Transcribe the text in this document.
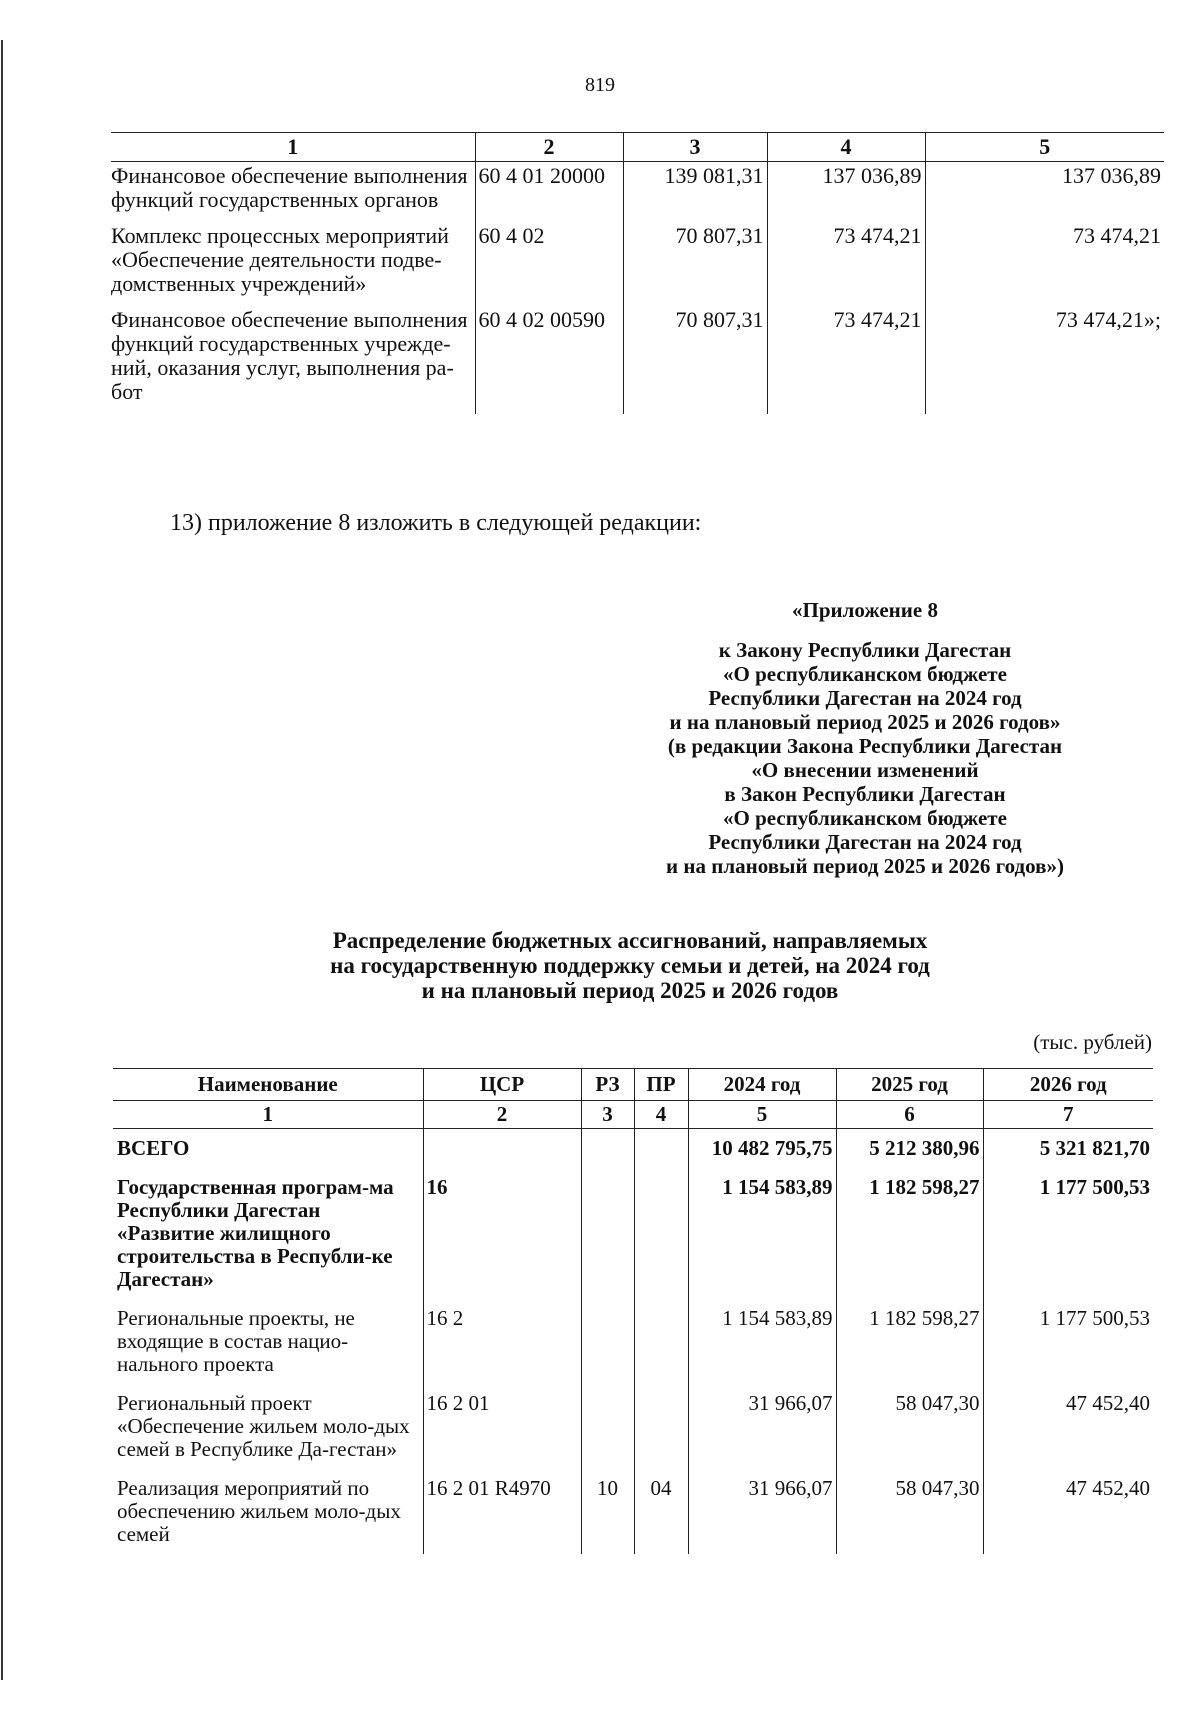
819
1	2	3	4	5
Финансовое обеспечение выполнения функций государственных органов	60 4 01 20000	139 081,31	137 036,89	137 036,89
Комплекс процессных мероприятий «Обеспечение деятельности подве-домственных учреждений»	60 4 02	70 807,31	73 474,21	73 474,21
Финансовое обеспечение выполнения функций государственных учрежде-ний, оказания услуг, выполнения ра-бот	60 4 02 00590	70 807,31	73 474,21	73 474,21»;
13) приложение 8 изложить в следующей редакции:
«Приложение 8
к Закону Республики Дагестан
«О республиканском бюджете
Республики Дагестан на 2024 год
и на плановый период 2025 и 2026 годов»
(в редакции Закона Республики Дагестан
«О внесении изменений
в Закон Республики Дагестан
«О республиканском бюджете
Республики Дагестан на 2024 год
и на плановый период 2025 и 2026 годов»)
Распределение бюджетных ассигнований, направляемых
на государственную поддержку семьи и детей, на 2024 год
и на плановый период 2025 и 2026 годов
(тыс. рублей)
Наименование	ЦСР	РЗ	ПР	2024 год	2025 год	2026 год
1	2	3	4	5	6	7
ВСЕГО				10 482 795,75	5 212 380,96	5 321 821,70
Государственная програм-ма Республики Дагестан «Развитие жилищного строительства в Республи-ке Дагестан»	16			1 154 583,89	1 182 598,27	1 177 500,53
Региональные проекты, не входящие в состав нацио-нального проекта	16 2			1 154 583,89	1 182 598,27	1 177 500,53
Региональный проект «Обеспечение жильем моло-дых семей в Республике Да-гестан»	16 2 01			31 966,07	58 047,30	47 452,40
Реализация мероприятий по обеспечению жильем моло-дых семей	16 2 01 R4970	10	04	31 966,07	58 047,30	47 452,40
